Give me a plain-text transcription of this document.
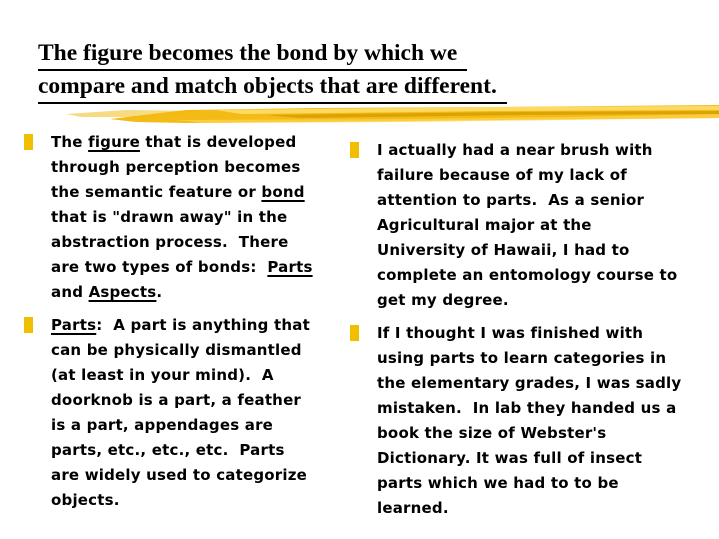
The figure becomes the bond by which we
compare and match objects that are different.
The figure that is developed
through perception becomes
the semantic feature or bond
that is "drawn away" in the
abstraction process.  There
are two types of bonds:  Parts
and Aspects.
Parts:  A part is anything that
can be physically dismantled
(at least in your mind).  A
doorknob is a part, a feather
is a part, appendages are
parts, etc., etc., etc.  Parts
are widely used to categorize
objects.
I actually had a near brush with
failure because of my lack of
attention to parts.  As a senior
Agricultural major at the
University of Hawaii, I had to
complete an entomology course to
get my degree.
If I thought I was finished with
using parts to learn categories in
the elementary grades, I was sadly
mistaken.  In lab they handed us a
book the size of Webster's
Dictionary. It was full of insect
parts which we had to to be
learned.
